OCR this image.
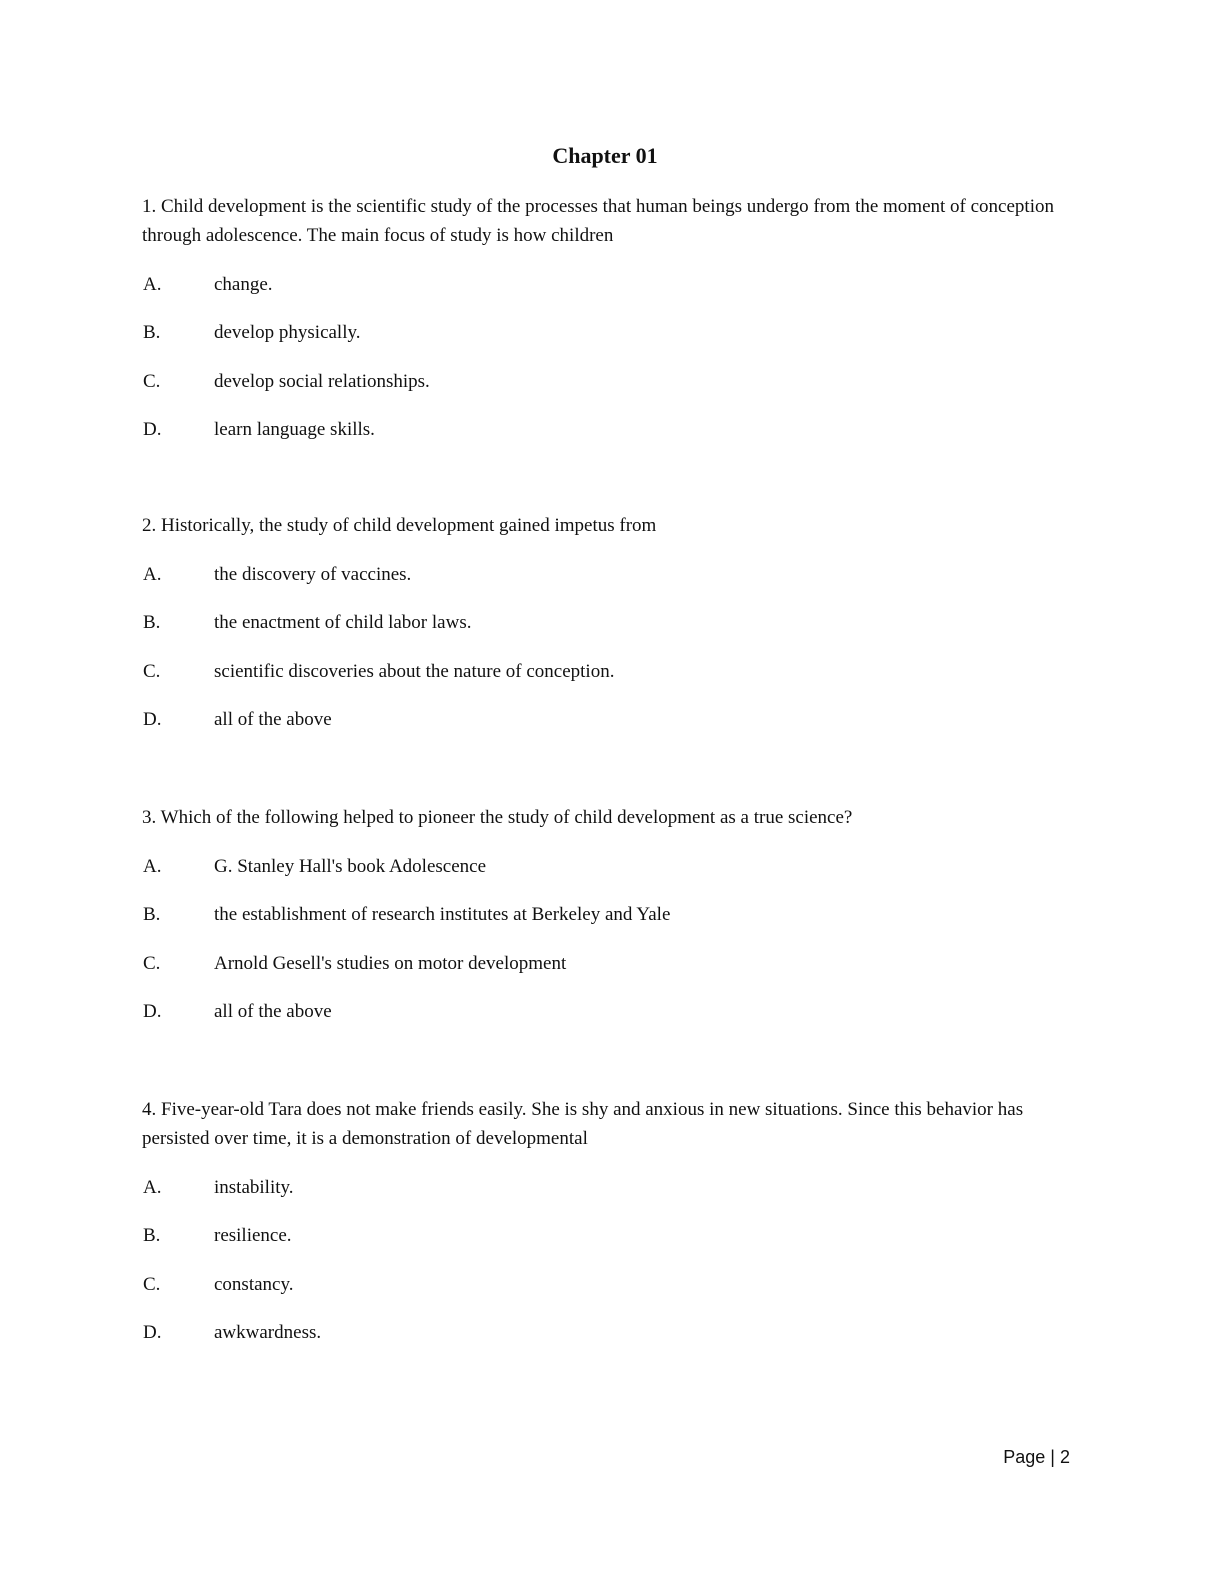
Chapter 01

1. Child development is the scientific study of the processes that human beings undergo from the moment of conception through adolescence. The main focus of study is how children

A.	change.
B.	develop physically.
C.	develop social relationships.
D.	learn language skills.

2. Historically, the study of child development gained impetus from

A.	the discovery of vaccines.
B.	the enactment of child labor laws.
C.	scientific discoveries about the nature of conception.
D.	all of the above

3. Which of the following helped to pioneer the study of child development as a true science?

A.	G. Stanley Hall's book Adolescence
B.	the establishment of research institutes at Berkeley and Yale
C.	Arnold Gesell's studies on motor development
D.	all of the above

4. Five-year-old Tara does not make friends easily. She is shy and anxious in new situations. Since this behavior has persisted over time, it is a demonstration of developmental

A.	instability.
B.	resilience.
C.	constancy.
D.	awkwardness.
Page | 2
